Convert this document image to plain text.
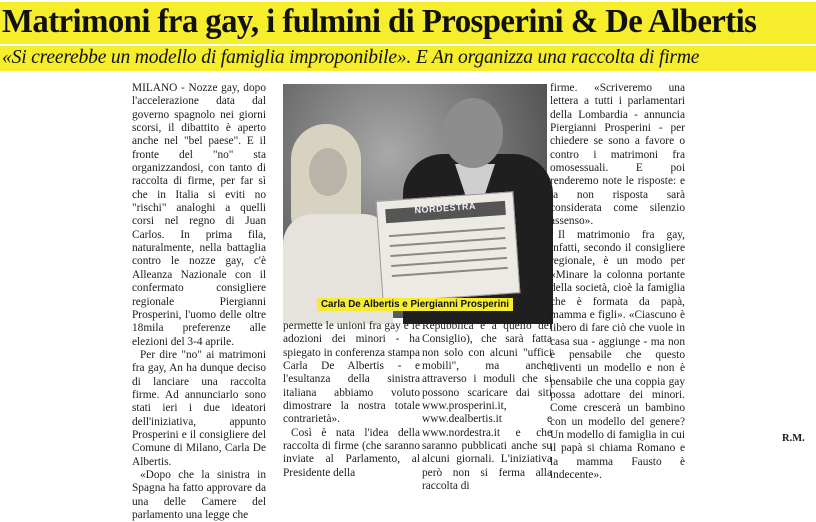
Matrimoni fra gay, i fulmini di Prosperini & De Albertis
«Si creerebbe un modello di famiglia improponibile». E An organizza una raccolta di firme

MILANO - Nozze gay, dopo l'accelerazione data dal governo spagnolo nei giorni scorsi, il dibattito è aperto anche nel "bel paese". E il fronte del "no" sta organizzandosi, con tanto di raccolta di firme, per far sì che in Italia si eviti no "rischi" analoghi a quelli corsi nel regno di Juan Carlos. In prima fila, naturalmente, nella battaglia contro le nozze gay, c'è Alleanza Nazionale con il confermato consigliere regionale Piergianni Prosperini, l'uomo delle oltre 18mila preferenze alle elezioni del 3-4 aprile.

Per dire "no" ai matrimoni fra gay, An ha dunque deciso di lanciare una raccolta firme. Ad annunciarlo sono stati ieri i due ideatori dell'iniziativa, appunto Prosperini e il consigliere del Comune di Milano, Carla De Albertis.

«Dopo che la sinistra in Spagna ha fatto approvare da una delle Camere del parlamento una legge che

NORDESTRA
Carla De Albertis e Piergianni Prosperini

permette le unioni fra gay e le adozioni dei minori - ha spiegato in conferenza stampa Carla De Albertis - e l'esultanza della sinistra italiana abbiamo voluto dimostrare la nostra totale contrarietà».

Così è nata l'idea della raccolta di firme (che saranno inviate al Parlamento, al Presidente della

Repubblica e a quello del Consiglio), che sarà fatta non solo con alcuni "uffici mobili", ma anche attraverso i moduli che si possono scaricare dai siti www.prosperini.it, www.dealbertis.it e www.nordestra.it e che saranno pubblicati anche su alcuni giornali. L'iniziativa però non si ferma alla raccolta di

firme. «Scriveremo una lettera a tutti i parlamentari della Lombardia - annuncia Piergianni Prosperini - per chiedere se sono a favore o contro i matrimoni fra omosessuali. E poi renderemo note le risposte: e la non risposta sarà considerata come silenzio assenso».

Il matrimonio fra gay, infatti, secondo il consigliere regionale, è un modo per «Minare la colonna portante della società, cioè la famiglia che è formata da papà, mamma e figli». «Ciascuno è libero di fare ciò che vuole in casa sua - aggiunge - ma non è pensabile che questo diventi un modello e non è pensabile che una coppia gay possa adottare dei minori. Come crescerà un bambino con un modello del genere? Un modello di famiglia in cui il papà si chiama Romano e la mamma Fausto è indecente».

R.M.
